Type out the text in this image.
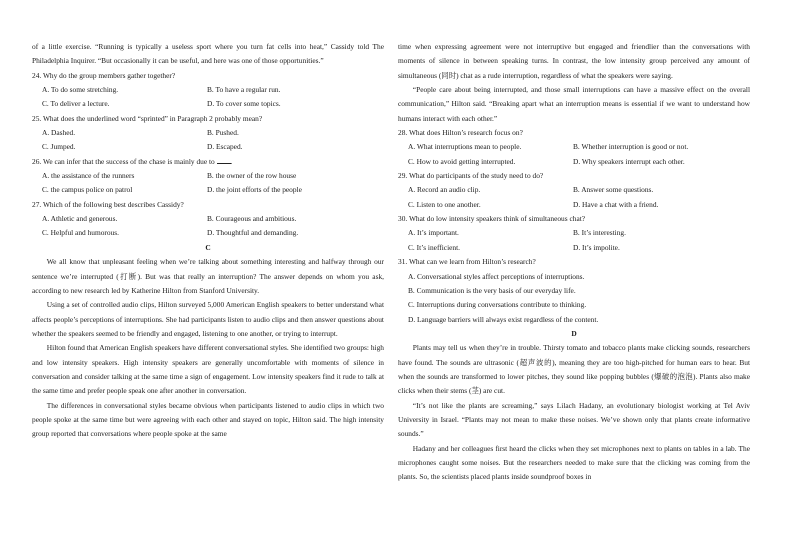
of a little exercise. “Running is typically a useless sport where you turn fat cells into heat,” Cassidy told The Philadelphia Inquirer. “But occasionally it can be useful, and here was one of those opportunities.”

24. Why do the group members gather together?

A. To do some stretching.	B. To have a regular run.
C. To deliver a lecture.	D. To cover some topics.

25. What does the underlined word “sprinted” in Paragraph 2 probably mean?

A. Dashed.	B. Pushed.
C. Jumped.	D. Escaped.

26. We can infer that the success of the chase is mainly due to .

A. the assistance of the runners	B. the owner of the row house
C. the campus police on patrol	D. the joint efforts of the people

27. Which of the following best describes Cassidy?

A. Athletic and generous.	B. Courageous and ambitious.
C. Helpful and humorous.	D. Thoughtful and demanding.

C

We all know that unpleasant feeling when we’re talking about something interesting and halfway through our sentence we’re interrupted (打断). But was that really an interruption? The answer depends on whom you ask, according to new research led by Katherine Hilton from Stanford University.

Using a set of controlled audio clips, Hilton surveyed 5,000 American English speakers to better understand what affects people’s perceptions of interruptions. She had participants listen to audio clips and then answer questions about whether the speakers seemed to be friendly and engaged, listening to one another, or trying to interrupt.

Hilton found that American English speakers have different conversational styles. She identified two groups: high and low intensity speakers. High intensity speakers are generally uncomfortable with moments of silence in conversation and consider talking at the same time a sign of engagement. Low intensity speakers find it rude to talk at the same time and prefer people speak one after another in conversation.

The differences in conversational styles became obvious when participants listened to audio clips in which two people spoke at the same time but were agreeing with each other and stayed on topic, Hilton said. The high intensity group reported that conversations where people spoke at the same

time when expressing agreement were not interruptive but engaged and friendlier than the conversations with moments of silence in between speaking turns. In contrast, the low intensity group perceived any amount of simultaneous (同时) chat as a rude interruption, regardless of what the speakers were saying.

“People care about being interrupted, and those small interruptions can have a massive effect on the overall communication,” Hilton said. “Breaking apart what an interruption means is essential if we want to understand how humans interact with each other.”

28. What does Hilton’s research focus on?

A. What interruptions mean to people.	B. Whether interruption is good or not.
C. How to avoid getting interrupted.	D. Why speakers interrupt each other.

29. What do participants of the study need to do?

A. Record an audio clip.	B. Answer some questions.
C. Listen to one another.	D. Have a chat with a friend.

30. What do low intensity speakers think of simultaneous chat?

A. It’s important.	B. It’s interesting.
C. It’s inefficient.	D. It’s impolite.

31. What can we learn from Hilton’s research?

A. Conversational styles affect perceptions of interruptions.
B. Communication is the very basis of our everyday life.
C. Interruptions during conversations contribute to thinking.
D. Language barriers will always exist regardless of the content.

D

Plants may tell us when they’re in trouble. Thirsty tomato and tobacco plants make clicking sounds, researchers have found. The sounds are ultrasonic (超声波的), meaning they are too high-pitched for human ears to hear. But when the sounds are transformed to lower pitches, they sound like popping bubbles (爆破的泡泡). Plants also make clicks when their stems (茎) are cut.

“It’s not like the plants are screaming,” says Lilach Hadany, an evolutionary biologist working at Tel Aviv University in Israel. “Plants may not mean to make these noises. We’ve shown only that plants create informative sounds.”

Hadany and her colleagues first heard the clicks when they set microphones next to plants on tables in a lab. The microphones caught some noises. But the researchers needed to make sure that the clicking was coming from the plants. So, the scientists placed plants inside soundproof boxes in
